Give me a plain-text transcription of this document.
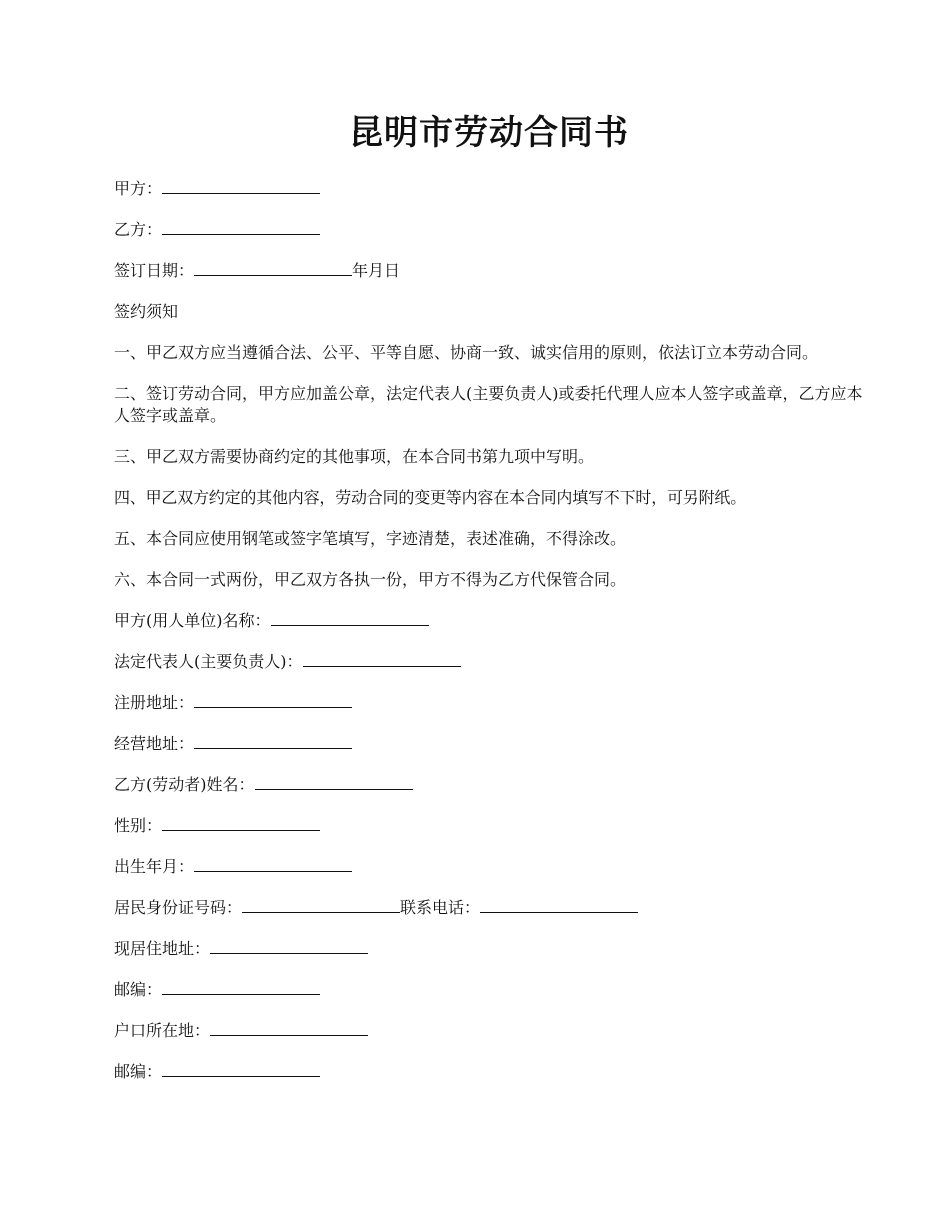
昆明市劳动合同书
甲方：
乙方：
签订日期：	年月日
签约须知
一、甲乙双方应当遵循合法、公平、平等自愿、协商一致、诚实信用的原则，依法订立本劳动合同。
二、签订劳动合同，甲方应加盖公章，法定代表人(主要负责人)或委托代理人应本人签字或盖章，乙方应本人签字或盖章。
三、甲乙双方需要协商约定的其他事项，在本合同书第九项中写明。
四、甲乙双方约定的其他内容，劳动合同的变更等内容在本合同内填写不下时，可另附纸。
五、本合同应使用钢笔或签字笔填写，字迹清楚，表述准确，不得涂改。
六、本合同一式两份，甲乙双方各执一份，甲方不得为乙方代保管合同。
甲方(用人单位)名称：
法定代表人(主要负责人)：
注册地址：
经营地址：
乙方(劳动者)姓名：
性别：
出生年月：
居民身份证号码：	联系电话：
现居住地址：
邮编：
户口所在地：
邮编：
